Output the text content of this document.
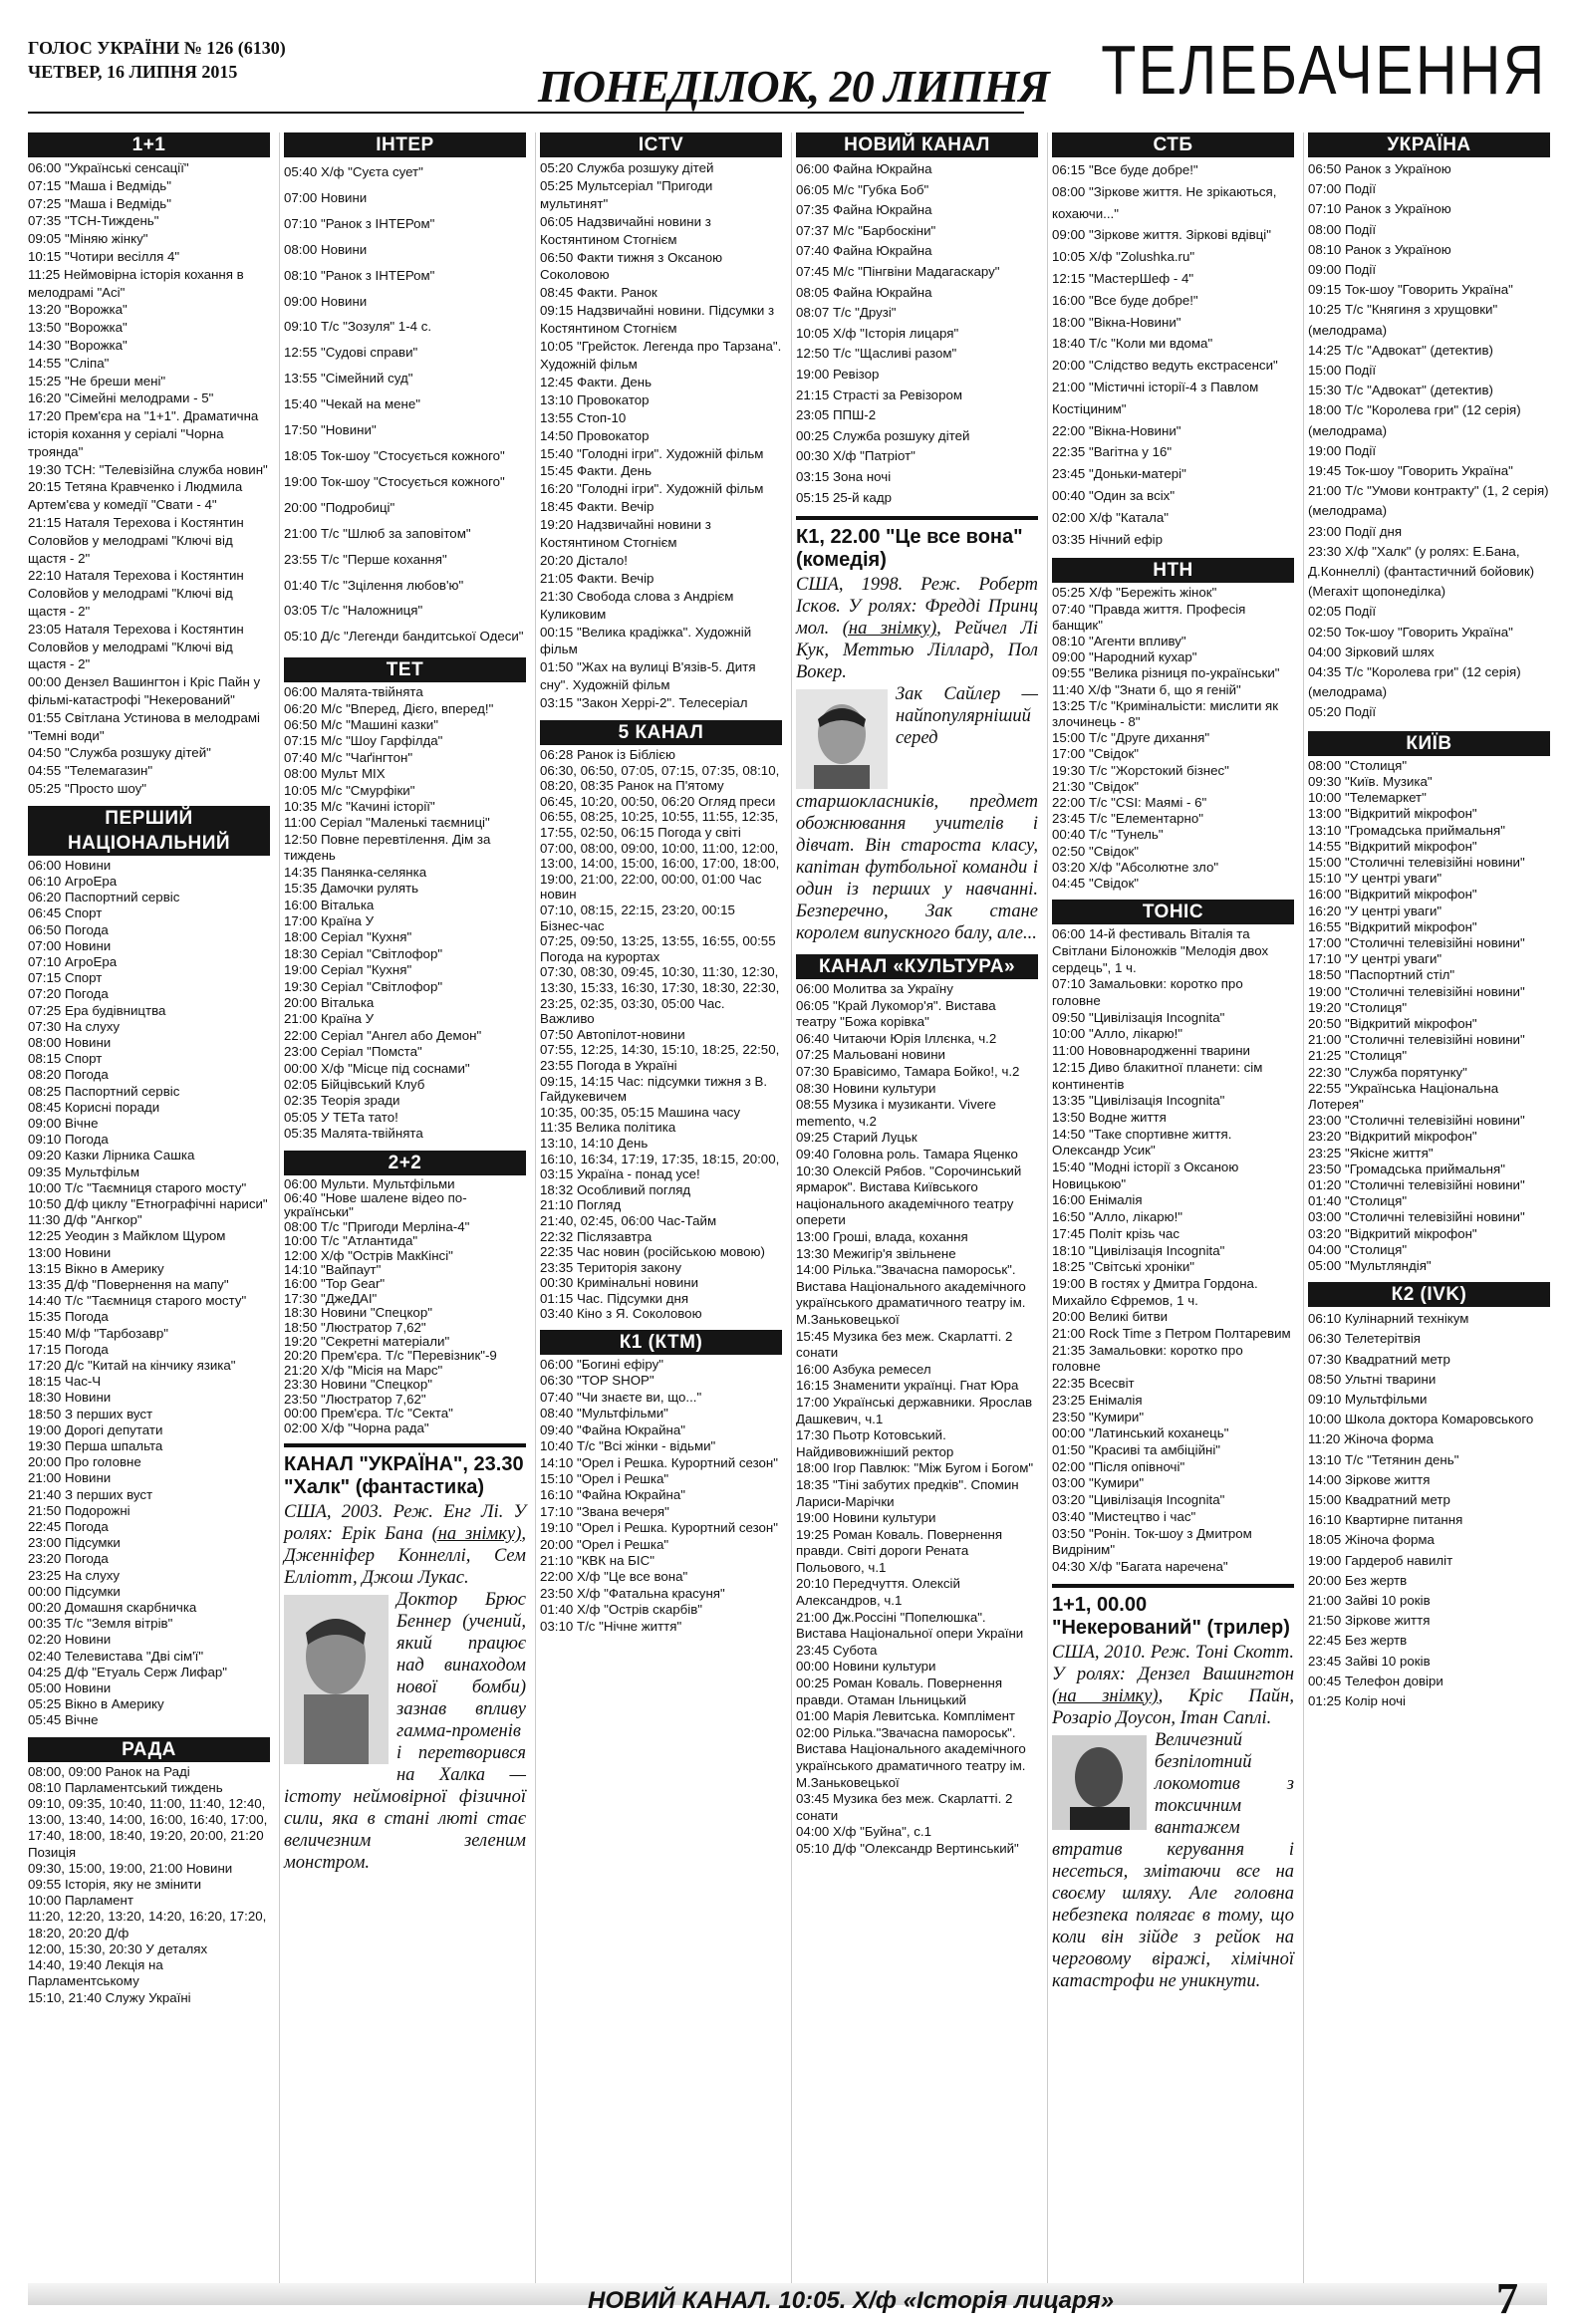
ГОЛОС УКРАЇНИ № 126 (6130)
ЧЕТВЕР, 16 ЛИПНЯ 2015	ПОНЕДІЛОК, 20 ЛИПНЯ ТЕЛЕБАЧЕННЯ
1+1
06:00 "Українські сенсації"
07:15 "Маша і Ведмідь"
07:25 "Маша і Ведмідь"
07:35 "ТСН-Тиждень"
09:05 "Міняю жінку"
10:15 "Чотири весілля 4"
11:25 Неймовірна історія кохання в мелодрамі "Асі"
13:20 "Ворожка"
13:50 "Ворожка"
14:30 "Ворожка"
14:55 "Сліпа"
15:25 "Не бреши мені"
16:20 "Сімейні мелодрами - 5"
17:20 Прем'єра на "1+1". Драматична історія кохання у серіалі "Чорна троянда"
19:30 ТСН: "Телевізійна служба новин"
20:15 Тетяна Кравченко і Людмила Артем'єва у комедії "Свати - 4"
21:15 Наталя Терехова і Костянтин Соловйов у мелодрамі "Ключі від щастя - 2"
22:10 Наталя Терехова і Костянтин Соловйов у мелодрамі "Ключі від щастя - 2"
23:05 Наталя Терехова і Костянтин Соловйов у мелодрамі "Ключі від щастя - 2"
00:00 Дензел Вашингтон і Кріс Пайн у фільмі-катастрофі "Некерований"
01:55 Світлана Устинова в мелодрамі "Темні води"
04:50 "Служба розшуку дітей"
04:55 "Телемагазин"
05:25 "Просто шоу"
ПЕРШИЙ НАЦІОНАЛЬНИЙ
06:00 Новини
06:10 АгроЕра
06:20 Паспортний сервіс
06:45 Спорт
06:50 Погода
07:00 Новини
07:10 АгроЕра
07:15 Спорт
07:20 Погода
07:25 Ера будівництва
07:30 На слуху
08:00 Новини
08:15 Спорт
08:20 Погода
08:25 Паспортний сервіс
08:45 Корисні поради
09:00 Вічне
09:10 Погода
09:20 Казки Лірника Сашка
09:35 Мультфільм
10:00 Т/с "Таємниця старого мосту"
10:50 Д/ф циклу "Етнографічні нариси"
11:30 Д/ф "Ангкор"
12:25 Уеодин з Майклом Щуром
13:00 Новини
13:15 Вікно в Америку
13:35 Д/ф "Повернення на мапу"
14:40 Т/с "Таємниця старого мосту"
15:35 Погода
15:40 М/ф "Тарбозавр"
17:15 Погода
17:20 Д/с "Китай на кінчику язика"
18:15 Час-Ч
18:30 Новини
18:50 З перших вуст
19:00 Дорогі депутати
19:30 Перша шпальта
20:00 Про головне
21:00 Новини
21:40 З перших вуст
21:50 Подорожні
22:45 Погода
23:00 Підсумки
23:20 Погода
23:25 На слуху
00:00 Підсумки
00:20 Домашня скарбничка
00:35 Т/с "Земля вітрів"
02:20 Новини
02:40 Телевистава "Дві сім'ї"
04:25 Д/ф "Етуаль Серж Лифар"
05:00 Новини
05:25 Вікно в Америку
05:45 Вічне
РАДА
08:00, 09:00 Ранок на Раді
08:10 Парламентський тиждень
09:10, 09:35, 10:40, 11:00, 11:40, 12:40, 13:00, 13:40, 14:00, 16:00, 16:40, 17:00, 17:40, 18:00, 18:40, 19:20, 20:00, 21:20 Позиція
09:30, 15:00, 19:00, 21:00 Новини
09:55 Історія, яку не змінити
10:00 Парламент
11:20, 12:20, 13:20, 14:20, 16:20, 17:20, 18:20, 20:20 Д/ф
12:00, 15:30, 20:30 У деталях
14:40, 19:40 Лекція на Парламентському
15:10, 21:40 Служу Україні
ІНТЕР
05:40 Х/ф "Суєта сует"
07:00 Новини
07:10 "Ранок з ІНТЕРом"
08:00 Новини
08:10 "Ранок з ІНТЕРом"
09:00 Новини
09:10 Т/с "Зозуля" 1-4 с.
12:55 "Судові справи"
13:55 "Сімейний суд"
15:40 "Чекай на мене"
17:50 "Новини"
18:05 Ток-шоу "Стосується кожного"
19:00 Ток-шоу "Стосується кожного"
20:00 "Подробиці"
21:00 Т/с "Шлюб за заповітом"
23:55 Т/с "Перше кохання"
01:40 Т/с "Зцілення любов'ю"
03:05 Т/с "Наложниця"
05:10 Д/с "Легенди бандитської Одеси"
ТЕТ
06:00 Малята-твійнята
06:20 М/с "Вперед, Дієго, вперед!"
06:50 М/с "Машині казки"
07:15 М/с "Шоу Гарфілда"
07:40 М/с "Чаґінгтон"
08:00 Мульт MIX
10:05 М/с "Смурфіки"
10:35 М/с "Качині історії"
11:00 Серіал "Маленькі таємниці"
12:50 Повне перевтілення. Дім за тиждень
14:35 Панянка-селянка
15:35 Дамочки рулять
16:00 Віталька
17:00 Країна У
18:00 Серіал "Кухня"
18:30 Серіал "Світлофор"
19:00 Серіал "Кухня"
19:30 Серіал "Світлофор"
20:00 Віталька
21:00 Країна У
22:00 Серіал "Ангел або Демон"
23:00 Серіал "Помста"
00:00 Х/ф "Місце під соснами"
02:05 Бійцівський Клуб
02:35 Теорія зради
05:05 У ТЕТа тато!
05:35 Малята-твійнята
2+2
06:00 Мульти. Мультфільми
06:40 "Нове шалене відео по-українськи"
08:00 Т/с "Пригоди Мерліна-4"
10:00 Т/с "Атлантида"
12:00 Х/ф "Острів МакКінсі"
14:10 "Вайпаут"
16:00 "Top Gear"
17:30 "ДжеДАІ"
18:30 Новини "Спецкор"
18:50 "Люстратор 7,62"
19:20 "Секретні матеріали"
20:20 Прем'єра. Т/с "Перевізник"-9
21:20 Х/ф "Місія на Марс"
23:30 Новини "Спецкор"
23:50 "Люстратор 7,62"
00:00 Прем'єра. Т/с "Секта"
02:00 Х/ф "Чорна рада"
КАНАЛ "УКРАЇНА", 23.30 "Халк" (фантастика)

США, 2003. Реж. Енг Лі. У ролях: Ерік Бана (на знімку), Дженніфер Коннеллі, Сем Еллiотт, Джош Лукас.

Доктор Брюс Беннер (учений, який працює над винаходом нової бомби) зазнав впливу гамма-променів і перетворився на Халка — істоту неймовірної фізичної сили, яка в стані люті стає величезним зеленим монстром.

ICTV
05:20 Служба розшуку дітей
05:25 Мультсеріал "Пригоди мультинят"
06:05 Надзвичайні новини з Костянтином Стогнієм
06:50 Факти тижня з Оксаною Соколовою
08:45 Факти. Ранок
09:15 Надзвичайні новини. Підсумки з Костянтином Стогнієм
10:05 "Грейсток. Легенда про Тарзана". Художній фільм
12:45 Факти. День
13:10 Провокатор
13:55 Стоп-10
14:50 Провокатор
15:40 "Голодні ігри". Художній фільм
15:45 Факти. День
16:20 "Голодні ігри". Художній фільм
18:45 Факти. Вечір
19:20 Надзвичайні новини з Костянтином Стогнієм
20:20 Дістало!
21:05 Факти. Вечір
21:30 Свобода слова з Андрієм Куликовим
00:15 "Велика крадіжка". Художній фільм
01:50 "Жах на вулиці В'язів-5. Дитя сну". Художній фільм
03:15 "Закон Херрі-2". Телесеріал
5 КАНАЛ
06:28 Ранок із Біблією
06:30, 06:50, 07:05, 07:15, 07:35, 08:10, 08:20, 08:35 Ранок на П'ятому
06:45, 10:20, 00:50, 06:20 Огляд преси
06:55, 08:25, 10:25, 10:55, 11:55, 12:35, 17:55, 02:50, 06:15 Погода у світі
07:00, 08:00, 09:00, 10:00, 11:00, 12:00, 13:00, 14:00, 15:00, 16:00, 17:00, 18:00, 19:00, 21:00, 22:00, 00:00, 01:00 Час новин
07:10, 08:15, 22:15, 23:20, 00:15 Бізнес-час
07:25, 09:50, 13:25, 13:55, 16:55, 00:55 Погода на курортах
07:30, 08:30, 09:45, 10:30, 11:30, 12:30, 13:30, 15:33, 16:30, 17:30, 18:30, 22:30, 23:25, 02:35, 03:30, 05:00 Час. Важливо
07:50 Автопілот-новини
07:55, 12:25, 14:30, 15:10, 18:25, 22:50, 23:55 Погода в Україні
09:15, 14:15 Час: підсумки тижня з В. Гайдукевичем
10:35, 00:35, 05:15 Машина часу
11:35 Велика політика
13:10, 14:10 День
16:10, 16:34, 17:19, 17:35, 18:15, 20:00, 03:15 Україна - понад усе!
18:32 Особливий погляд
21:10 Погляд
21:40, 02:45, 06:00 Час-Тайм
22:32 Післязавтра
22:35 Час новин (російською мовою)
23:35 Територія закону
00:30 Кримінальні новини
01:15 Час. Підсумки дня
03:40 Кіно з Я. Соколовою
К1 (КТМ)
06:00 "Богині ефіру"
06:30 "TOP SHOP"
07:40 "Чи знаєте ви, що..."
08:40 "Мультфільми"
09:40 "Файна Юкрайна"
10:40 Т/с "Всі жінки - відьми"
14:10 "Орел і Решка. Курортний сезон"
15:10 "Орел і Решка"
16:10 "Файна Юкрайна"
17:10 "Звана вечеря"
19:10 "Орел і Решка. Курортний сезон"
20:00 "Орел і Решка"
21:10 "КВК на БІС"
22:00 Х/ф "Це все вона"
23:50 Х/ф "Фатальна красуня"
01:40 Х/ф "Острів скарбів"
03:10 Т/с "Нічне життя"
НОВИЙ КАНАЛ
06:00 Файна Юкрайна
06:05 М/с "Губка Боб"
07:35 Файна Юкрайна
07:37 М/с "Барбоскіни"
07:40 Файна Юкрайна
07:45 М/с "Пінгвіни Мадагаскару"
08:05 Файна Юкрайна
08:07 Т/с "Друзі"
10:05 Х/ф "Історія лицаря"
12:50 Т/с "Щасливі разом"
19:00 Ревізор
21:15 Стрaсті за Ревізором
23:05 ППШ-2
00:25 Служба розшуку дітей
00:30 Х/ф "Патріот"
03:15 Зона ночі
05:15 25-й кадр
К1, 22.00 "Це все вона" (комедія)

США, 1998. Реж. Роберт Іскoв. У ролях: Фредді Принц мол. (на знімку), Рейчел Лі Кук, Меттью Ліллард, Пол Вокер.

Зак Сайлер — найпопулярніший серед старшокласників, предмет обожнювання учителів і дівчат. Він староста класу, капітан футбольної команди і один із перших у навчанні. Безперечно, Зак стане королем випускного балу, але...

КАНАЛ «КУЛЬТУРА»
06:00 Молитва за Україну
06:05 "Край Лукомор'я". Вистава театру "Божа корівка"
06:40 Читаючи Юрія Іллєнка, ч.2
07:25 Мальовані новини
07:30 Бравісимо, Тамара Бойко!, ч.2
08:30 Новини культури
08:55 Музика і музиканти. Vivere memento, ч.2
09:25 Старий Луцьк
09:40 Головна роль. Тамара Яценко
10:30 Олексій Рябов. "Сорочинський ярмарок". Вистава Київського національного академічного театру оперети
13:00 Гроші, влада, кохання
13:30 Межигір'я звільнене
14:00 Рілька."Звачасна пaмороськ". Вистава Національного академічного українського драматичного театру ім. М.Заньковецької
15:45 Музика без меж. Скарлатті. 2 сонати
16:00 Азбука ремесел
16:15 Знаменити українці. Гнат Юра
17:00 Українські державники. Ярослав Дашкевич, ч.1
17:30 Пьотр Котовський. Найдивовижніший ректор
18:00 Ігор Павлюк: "Між Бугом і Богом"
18:35 "Тіні забутих предків". Спомин Лариси-Марічки
19:00 Новини культури
19:25 Роман Коваль. Повернення правди. Світі дороги Рената Польового, ч.1
20:10 Передчуття. Олексій Александров, ч.1
21:00 Дж.Россіні "Попелюшка". Вистава Національної опери України
23:45 Субота
00:00 Новини культури
00:25 Роман Коваль. Повернення правди. Отаман Ільницький
01:00 Марія Левитська. Комплімент
02:00 Рілька."Звачасна пaмороськ". Вистава Національного академічного українського драматичного театру ім. М.Заньковецької
03:45 Музика без меж. Скарлатті. 2 сонати
04:00 Х/ф "Буйна", с.1
05:10 Д/ф "Олександр Вертинський"
СТБ
06:15 "Все буде добре!"
08:00 "Зіркове життя. Не зрікаються, кохаючи..."
09:00 "Зіркове життя. Зіркові вдівці"
10:05 Х/ф "Zolushka.ru"
12:15 "МастерШеф - 4"
16:00 "Все буде добре!"
18:00 "Вікна-Новини"
18:40 Т/с "Коли ми вдома"
20:00 "Слідство ведуть екстрасенси"
21:00 "Містичні історії-4 з Павлом Костіциним"
22:00 "Вікна-Новини"
22:35 "Вагітна у 16"
23:45 "Доньки-матері"
00:40 "Один за всіх"
02:00 Х/ф "Катала"
03:35 Нічний ефір
НТН
05:25 Х/ф "Бережіть жінок"
07:40 "Правда життя. Професія банщик"
08:10 "Агенти впливу"
09:00 "Народний кухар"
09:55 "Велика різниця по-українськи"
11:40 Х/ф "Знати б, що я геній"
13:25 Т/с "Кримінальісти: мислити як злочинець - 8"
15:00 Т/с "Друге дихання"
17:00 "Свідок"
19:30 Т/с "Жорстокий бізнес"
21:30 "Свідок"
22:00 Т/с "CSI: Маямі - 6"
23:45 Т/с "Елементарно"
00:40 Т/с "Тунель"
02:50 "Свідок"
03:20 Х/ф "Абсолютне зло"
04:45 "Свідок"
ТОНІС
06:00 14-й фестиваль Віталія та Світлани Білоножків "Мелодія двох сердець", 1 ч.
07:10 Замальовки: коротко про головне
09:50 "Цивілізація Incognita"
10:00 "Алло, лікарю!"
11:00 Нововнародженні тварини
12:15 Диво блакитної планети: сім континентів
13:35 "Цивілізація Incognita"
13:50 Воднe життя
14:50 "Таке спортивне життя. Олександр Усик"
15:40 "Модні історії з Оксаною Новицькою"
16:00 Енімалія
16:50 "Алло, лікарю!"
17:45 Політ крізь час
18:10 "Цивілізація Incognita"
18:25 "Світські хроніки"
19:00 В гостях у Дмитра Гордона. Михайло Єфремов, 1 ч.
20:00 Великі битви
21:00 Rock Time з Петром Полтаревим
21:35 Замальовки: коротко про головне
22:35 Всесвіт
23:25 Енімалія
23:50 "Кумири"
00:00 "Латинський коханець"
01:50 "Красиві та амбіційні"
02:00 "Після опівночі"
03:00 "Кумири"
03:20 "Цивілізація Incognita"
03:40 "Мистецтво і час"
03:50 "Ронін. Ток-шоу з Дмитром Видріним"
04:30 Х/ф "Багата наречена"
1+1, 00.00 "Некерований" (трилер)

США, 2010. Реж. Тоні Скотт. У ролях: Дензел Вашингтон (на знімку), Кріс Пайн, Розаріо Доусон, Ітан Саплі.

Величезний безпілотний локомотив з токсичним вантажем втратив керування і несеться, змітаючи все на своєму шляху. Але головна небезпека полягає в тому, що коли він зійде з рейок на черговому віражі, хімічної катастрофи не уникнути.

УКРАЇНА
06:50 Ранок з Україною
07:00 Події
07:10 Ранок з Україною
08:00 Події
08:10 Ранок з Україною
09:00 Події
09:15 Ток-шоу "Говорить Україна"
10:25 Т/с "Княгиня з хрущовки" (мелодрама)
14:25 Т/с "Адвокат" (детектив)
15:00 Події
15:30 Т/с "Адвокат" (детектив)
18:00 Т/с "Королева гри" (12 серія) (мелодрама)
19:00 Події
19:45 Ток-шоу "Говорить Україна"
21:00 Т/с "Умови контракту" (1, 2 серія) (мелодрама)
23:00 Події дня
23:30 Х/ф "Халк" (у ролях: Е.Бана, Д.Коннеллі) (фантастичний бойовик) (Мегахіт щопонеділка)
02:05 Події
02:50 Ток-шоу "Говорить Україна"
04:00 Зірковий шлях
04:35 Т/с "Королева гри" (12 серія) (мелодрама)
05:20 Події
КИЇВ
08:00 "Столиця"
09:30 "Київ. Музика"
10:00 "Телемаркет"
13:00 "Відкритий мікрофон"
13:10 "Громадська приймальня"
14:55 "Відкритий мікрофон"
15:00 "Столичні телевізійні новини"
15:10 "У центрі уваги"
16:00 "Відкритий мікрофон"
16:20 "У центрі уваги"
16:55 "Відкритий мікрофон"
17:00 "Столичні телевізійні новини"
17:10 "У центрі уваги"
18:50 "Паспортний стіл"
19:00 "Столичні телевізійні новини"
19:20 "Столиця"
20:50 "Відкритий мікрофон"
21:00 "Столичні телевізійні новини"
21:25 "Столиця"
22:30 "Служба порятунку"
22:55 "Українська Національна Лотерея"
23:00 "Столичні телевізійні новини"
23:20 "Відкритий мікрофон"
23:25 "Якісне життя"
23:50 "Громадська приймальня"
01:20 "Столичні телевізійні новини"
01:40 "Столиця"
03:00 "Столичні телевізійні новини"
03:20 "Відкритий мікрофон"
04:00 "Столиця"
05:00 "Мультляндія"
К2 (IVK)
06:10 Кулінарний технікум
06:30 Телетерітвія
07:30 Квадратний метр
08:50 Ультні тварини
09:10 Мультфільми
10:00 Школа доктора Комаровського
11:20 Жіноча форма
13:10 Т/с "Тетянин день"
14:00 Зіркове життя
15:00 Квадратний метр
16:10 Квартирне питання
18:05 Жіноча форма
19:00 Гардероб навиліт
20:00 Без жертв
21:00 Зайві 10 років
21:50 Зіркове життя
22:45 Без жертв
23:45 Зайві 10 років
00:45 Телефон довіри
01:25 Колір ночі
НОВИЙ КАНАЛ. 10:05. Х/ф «Історія лицаря»	7
